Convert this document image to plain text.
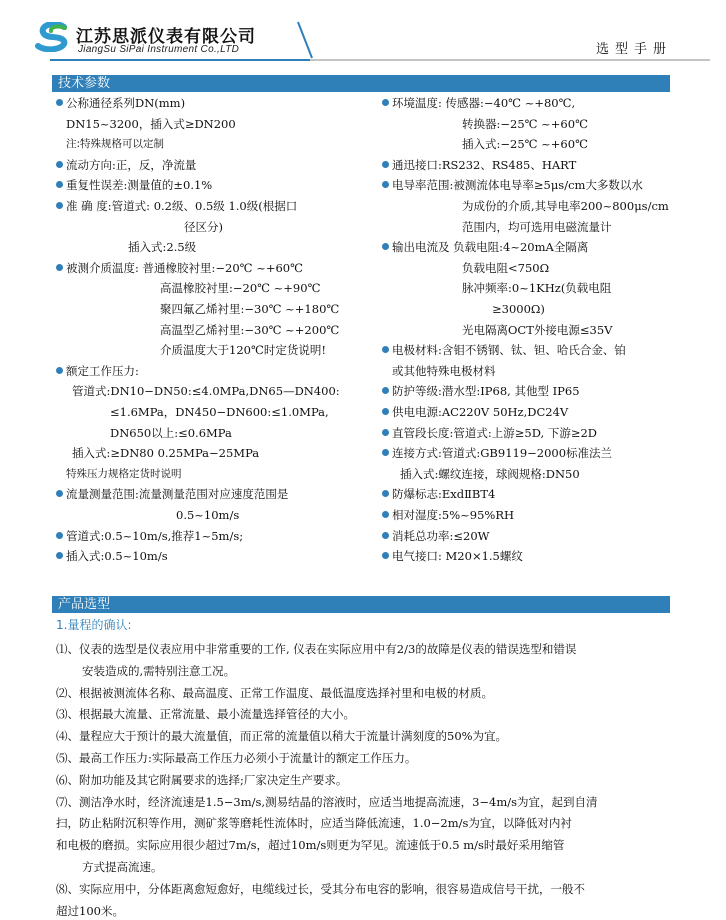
江苏思派仪表有限公司
JiangSu SiPai Instrument Co.,LTD	选型手册
技术参数
公称通径系列DN(mm)
DN15~3200，插入式≥DN200
注:特殊规格可以定制
流动方向:正，反，净流量
重复性误差:测量值的±0.1%
准 确 度:管道式: 0.2级、0.5级 1.0级(根据口
径区分)
插入式:2.5级
被测介质温度: 普通橡胶衬里:−20℃ ~+60℃
高温橡胶衬里:−20℃ ~+90℃
聚四氟乙烯衬里:−30℃ ~+180℃
高温型乙烯衬里:−30℃ ~+200℃
介质温度大于120℃时定货说明!
额定工作压力:
管道式:DN10−DN50:≤4.0MPa,DN65—DN400:
≤1.6MPa，DN450−DN600:≤1.0MPa,
DN650以上:≤0.6MPa
插入式:≥DN80 0.25MPa−25MPa
特殊压力规格定货时说明
流量测量范围:流量测量范围对应速度范围是
0.5~10m/s
管道式:0.5~10m/s,推荐1~5m/s;
插入式:0.5~10m/s
环境温度: 传感器:−40℃ ~+80℃,
转换器:−25℃ ~+60℃
插入式:−25℃ ~+60℃
通迅接口:RS232、RS485、HART
电导率范围:被测流体电导率≥5μs/cm大多数以水
为成份的介质,其导电率200~800μs/cm
范围内，均可选用电磁流量计
输出电流及 负载电阻:4~20mA全隔离
负载电阻<750Ω
脉冲频率:0~1KHz(负载电阻
≥3000Ω)
光电隔离OCT外接电源≤35V
电极材料:含钼不锈钢、钛、钽、哈氏合金、铂
或其他特殊电极材料
防护等级:潜水型:IP68, 其他型 IP65
供电电源:AC220V 50Hz,DC24V
直管段长度:管道式:上游≥5D, 下游≥2D
连接方式:管道式:GB9119−2000标准法兰
插入式:螺纹连接，球阀规格:DN50
防爆标志:ExdⅡBT4
相对湿度:5%~95%RH
消耗总功率:≤20W
电气接口: M20×1.5螺纹
产品选型
1.量程的确认:
⑴、仪表的选型是仪表应用中非常重要的工作, 仪表在实际应用中有2/3的故障是仪表的错误选型和错误
安装造成的,需特别注意工况。
⑵、根据被测流体名称、最高温度、正常工作温度、最低温度选择衬里和电极的材质。
⑶、根据最大流量、正常流量、最小流量选择管径的大小。
⑷、量程应大于预计的最大流量值，而正常的流量值以稍大于流量计满刻度的50%为宜。
⑸、最高工作压力:实际最高工作压力必须小于流量计的额定工作压力。
⑹、附加功能及其它附属要求的选择;厂家决定生产要求。
⑺、测洁净水时，经济流速是1.5−3m/s,测易结晶的溶液时，应适当地提高流速，3−4m/s为宜，起到自清
扫，防止粘附沉积等作用，测矿浆等磨耗性流体时，应适当降低流速，1.0−2m/s为宜，以降低对内衬
和电极的磨损。实际应用很少超过7m/s，超过10m/s则更为罕见。流速低于0.5 m/s时最好采用缩管
方式提高流速。
⑻、实际应用中，分体距离愈短愈好，电缆线过长，受其分布电容的影响，很容易造成信号干扰，一般不
超过100米。
